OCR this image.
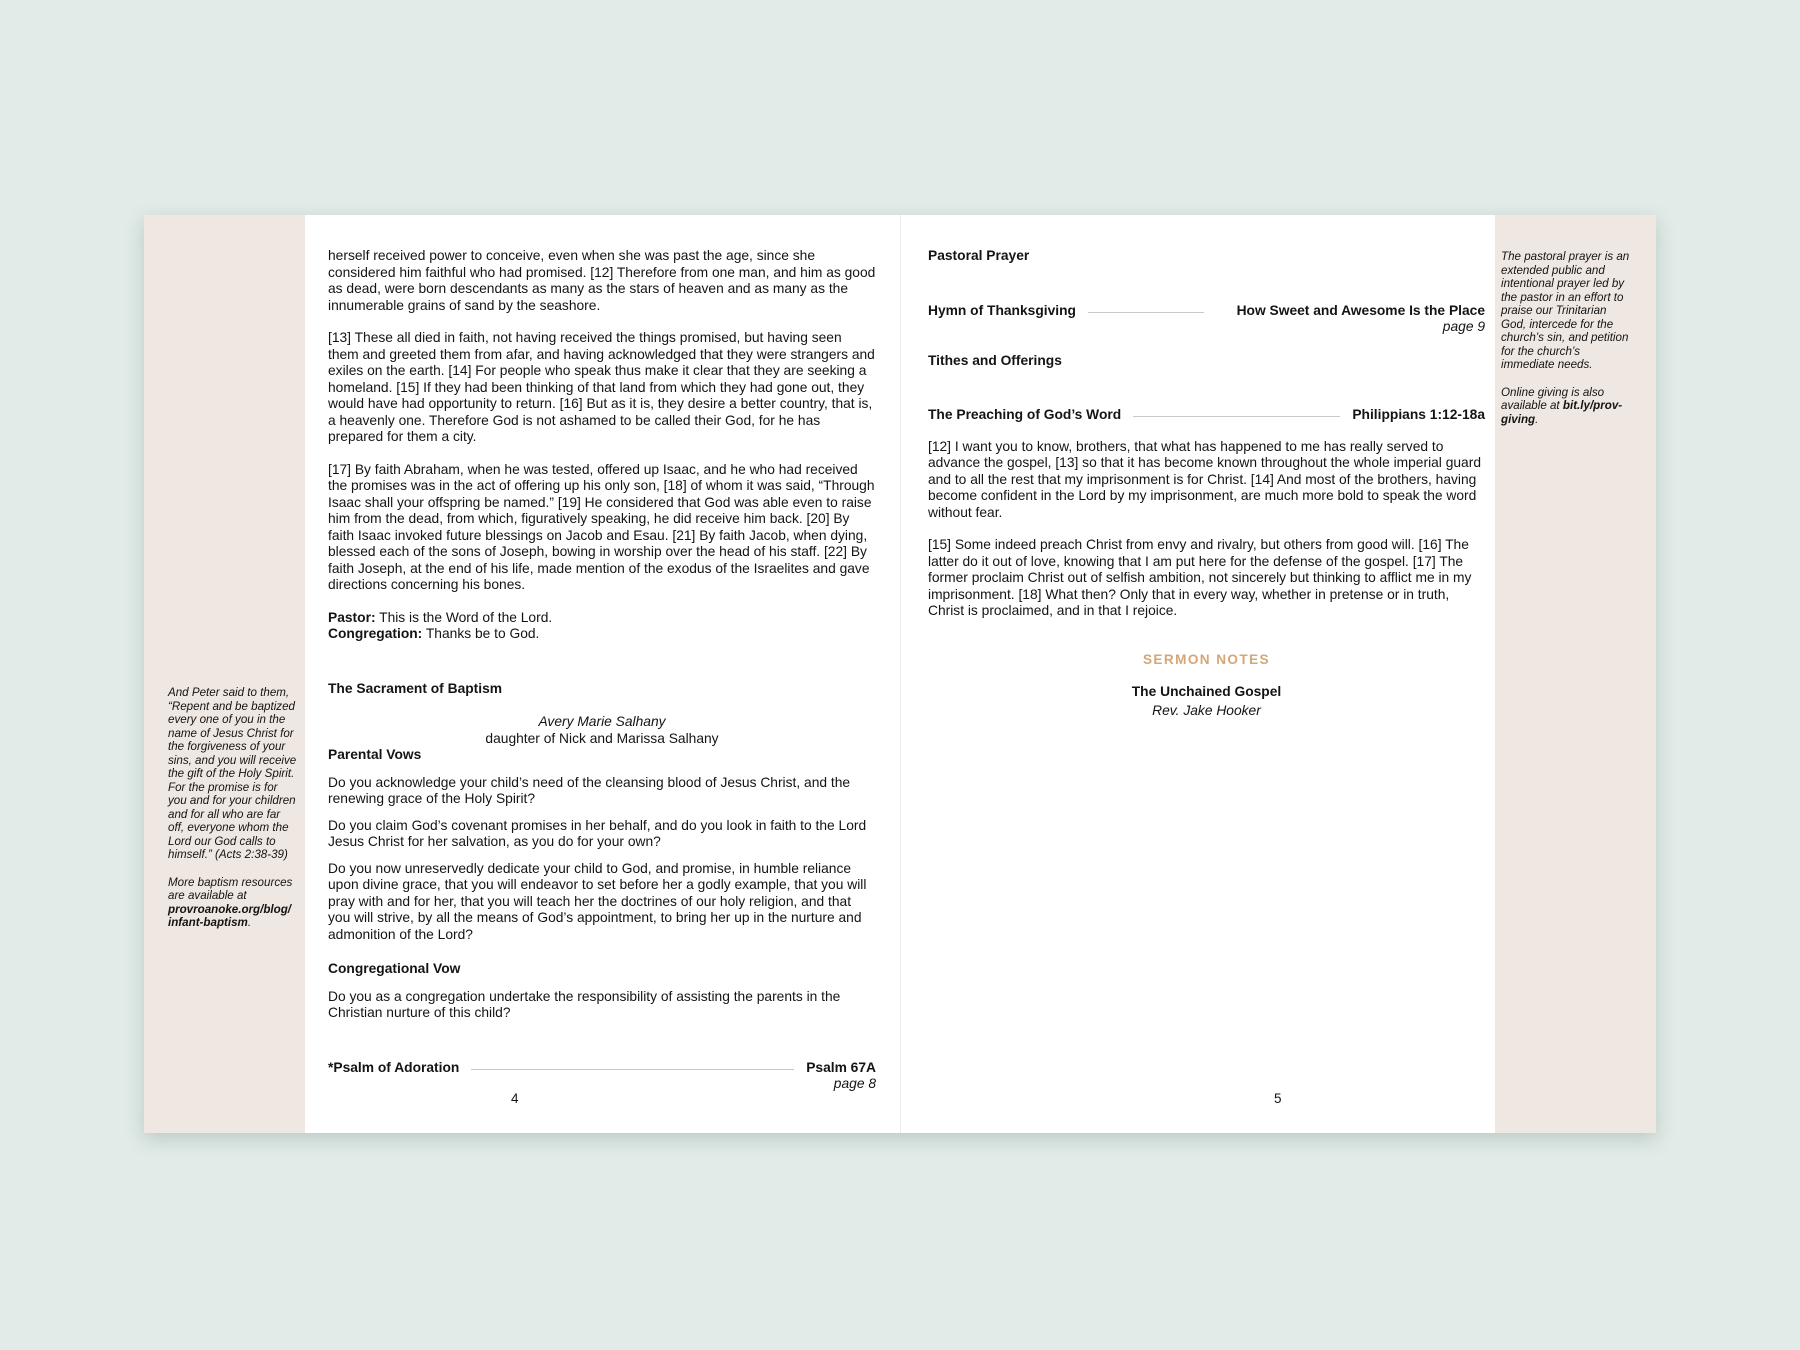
And Peter said to them, “Repent and be baptized every one of you in the name of Jesus Christ for the forgiveness of your sins, and you will receive the gift of the Holy Spirit. For the promise is for you and for your children and for all who are far off, everyone whom the Lord our God calls to himself.” (Acts 2:38-39)

More baptism resources are available at provroanoke.org/blog/ infant-baptism.

herself received power to conceive, even when she was past the age, since she considered him faithful who had promised. [12] Therefore from one man, and him as good as dead, were born descendants as many as the stars of heaven and as many as the innumerable grains of sand by the seashore.

[13] These all died in faith, not having received the things promised, but having seen them and greeted them from afar, and having acknowledged that they were strangers and exiles on the earth. [14] For people who speak thus make it clear that they are seeking a homeland. [15] If they had been thinking of that land from which they had gone out, they would have had opportunity to return. [16] But as it is, they desire a better country, that is, a heavenly one. Therefore God is not ashamed to be called their God, for he has prepared for them a city.

[17] By faith Abraham, when he was tested, offered up Isaac, and he who had received the promises was in the act of offering up his only son, [18] of whom it was said, “Through Isaac shall your offspring be named.” [19] He considered that God was able even to raise him from the dead, from which, figuratively speaking, he did receive him back. [20] By faith Isaac invoked future blessings on Jacob and Esau. [21] By faith Jacob, when dying, blessed each of the sons of Joseph, bowing in worship over the head of his staff. [22] By faith Joseph, at the end of his life, made mention of the exodus of the Israelites and gave directions concerning his bones.

Pastor: This is the Word of the Lord.
Congregation: Thanks be to God.

The Sacrament of Baptism

Avery Marie Salhany
daughter of Nick and Marissa Salhany

Parental Vows

Do you acknowledge your child’s need of the cleansing blood of Jesus Christ, and the renewing grace of the Holy Spirit?

Do you claim God’s covenant promises in her behalf, and do you look in faith to the Lord Jesus Christ for her salvation, as you do for your own?

Do you now unreservedly dedicate your child to God, and promise, in humble reliance upon divine grace, that you will endeavor to set before her a godly example, that you will pray with and for her, that you will teach her the doctrines of our holy religion, and that you will strive, by all the means of God’s appointment, to bring her up in the nurture and admonition of the Lord?

Congregational Vow

Do you as a congregation undertake the responsibility of assisting the parents in the Christian nurture of this child?

*Psalm of Adoration	Psalm 67A
page 8
4

Pastoral Prayer

Hymn of Thanksgiving	How Sweet and Awesome Is the Place
page 9

Tithes and Offerings

The Preaching of God’s Word	Philippians 1:12-18a

[12] I want you to know, brothers, that what has happened to me has really served to advance the gospel, [13] so that it has become known throughout the whole imperial guard and to all the rest that my imprisonment is for Christ. [14] And most of the brothers, having become confident in the Lord by my imprisonment, are much more bold to speak the word without fear.

[15] Some indeed preach Christ from envy and rivalry, but others from good will. [16] The latter do it out of love, knowing that I am put here for the defense of the gospel. [17] The former proclaim Christ out of selfish ambition, not sincerely but thinking to afflict me in my imprisonment. [18] What then? Only that in every way, whether in pretense or in truth, Christ is proclaimed, and in that I rejoice.

SERMON NOTES
The Unchained Gospel
Rev. Jake Hooker
5

The pastoral prayer is an extended public and intentional prayer led by the pastor in an effort to praise our Trinitarian God, intercede for the church’s sin, and petition for the church’s immediate needs.

Online giving is also available at bit.ly/prov-giving.
